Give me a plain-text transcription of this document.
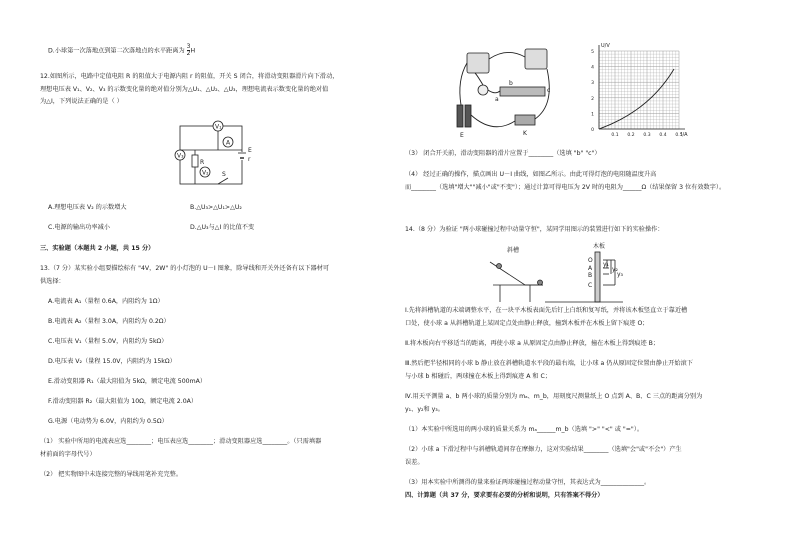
D.小球第一次落地点到第二次落地点的水平距离为 $\frac{3}{2}$ H
12.如图所示，电路中定值电阻 R 的阻值大于电源内阻 r 的阻值，开关 S 闭合，将滑动变阻器滑片向下滑动，
理想电压表 V₁、V₂、V₃ 的示数变化量的绝对值分别为△U₁、△U₂、△U₃，理想电流表示数变化量的绝对值
为△I，下列说法正确的是（ ）
V₁
V₃
A
V₂
R
E
r
S
A.理想电压表 V₂ 的示数增大	B.△U₃>△U₁>△U₂
C.电源的输出功率减小	D.△U₃与△I 的比值不变
三、实验题（本题共 2 小题，共 15 分）
13.（7 分）某实验小组要描绘标有 "4V，2W" 的小灯泡的 U－I 图象，除导线和开关外还备有以下器材可
供选择：
A.电流表 A₁（量程 0.6A，内阻约为 1Ω）
B.电流表 A₂（量程 3.0A，内阻约为 0.2Ω）
C.电压表 V₁（量程 5.0V，内阻约为 5kΩ）
D.电压表 V₂（量程 15.0V，内阻约为 15kΩ）
E.滑动变阻器 R₁（最大阻值为 5kΩ，额定电流 500mA）
F.滑动变阻器 R₂（最大阻值为 10Ω，额定电流 2.0A）
G.电源（电动势为 6.0V，内阻约为 0.5Ω）
（1） 实验中所用的电流表应选________；电压表应选________；滑动变阻器应选________。（只需填器
材前面的字母代号）
（2） 把实物图中未连接完整的导线用笔补充完整。
E	K
a
b
c
U/V
I/A
0
1
2
3
4
5
0.1 0.2 0.3 0.4 0.5
（3） 闭合开关前，滑动变阻器的滑片应置于________（选填 "b" "c"）
（4） 经过正确的操作，描点画出 U－I 曲线，如图乙所示。由此可得灯泡的电阻随温度升高
而________（选填"增大""减小"或"不变"）；通过计算可得电压为 2V 时的电阻为______Ω（结果保留 3 位有效数字）。
14.（8 分）为验证 "两小球碰撞过程中动量守恒"，某同学用图示的装置进行如下的实验操作：
斜槽
木板
O
A
B
C
y₁
y₂
y₃
Ⅰ.先将斜槽轨道的末端调整水平，在一块平木板表面先后钉上白纸和复写纸，并将该木板竖直立于靠近槽
口处，使小球 a 从斜槽轨道上某固定点处由静止释放，撞到木板并在木板上留下痕迹 O；
Ⅱ.将木板向右平移适当的距离，再使小球 a 从原固定点由静止释放，撞在木板上得到痕迹 B；
Ⅲ.然后把半径相同的小球 b 静止放在斜槽轨道水平段的最右端，让小球 a 仍从原固定位置由静止开始滚下
与小球 b 相碰后，两球撞在木板上得到痕迹 A 和 C；
Ⅳ.用天平测量 a、b 两小球的质量分别为 mₐ、m_b，用刻度尺测量纸上 O 点到 A、B、C 三点的距离分别为
y₁、y₂和 y₃。
（1）本实验中所选用的两小球的质量关系为 mₐ______m_b（选填 ">" "<" 或 "="）。
（2）小球 a 下滑过程中与斜槽轨道间存在摩擦力，这对实验结果________（选填"会"或"不会"）产生
误差。
（3）用本实验中所测得的量来验证两球碰撞过程动量守恒，其表达式为______________。
四、计算题（共 37 分，要求要有必要的分析和说明，只有答案不得分）
